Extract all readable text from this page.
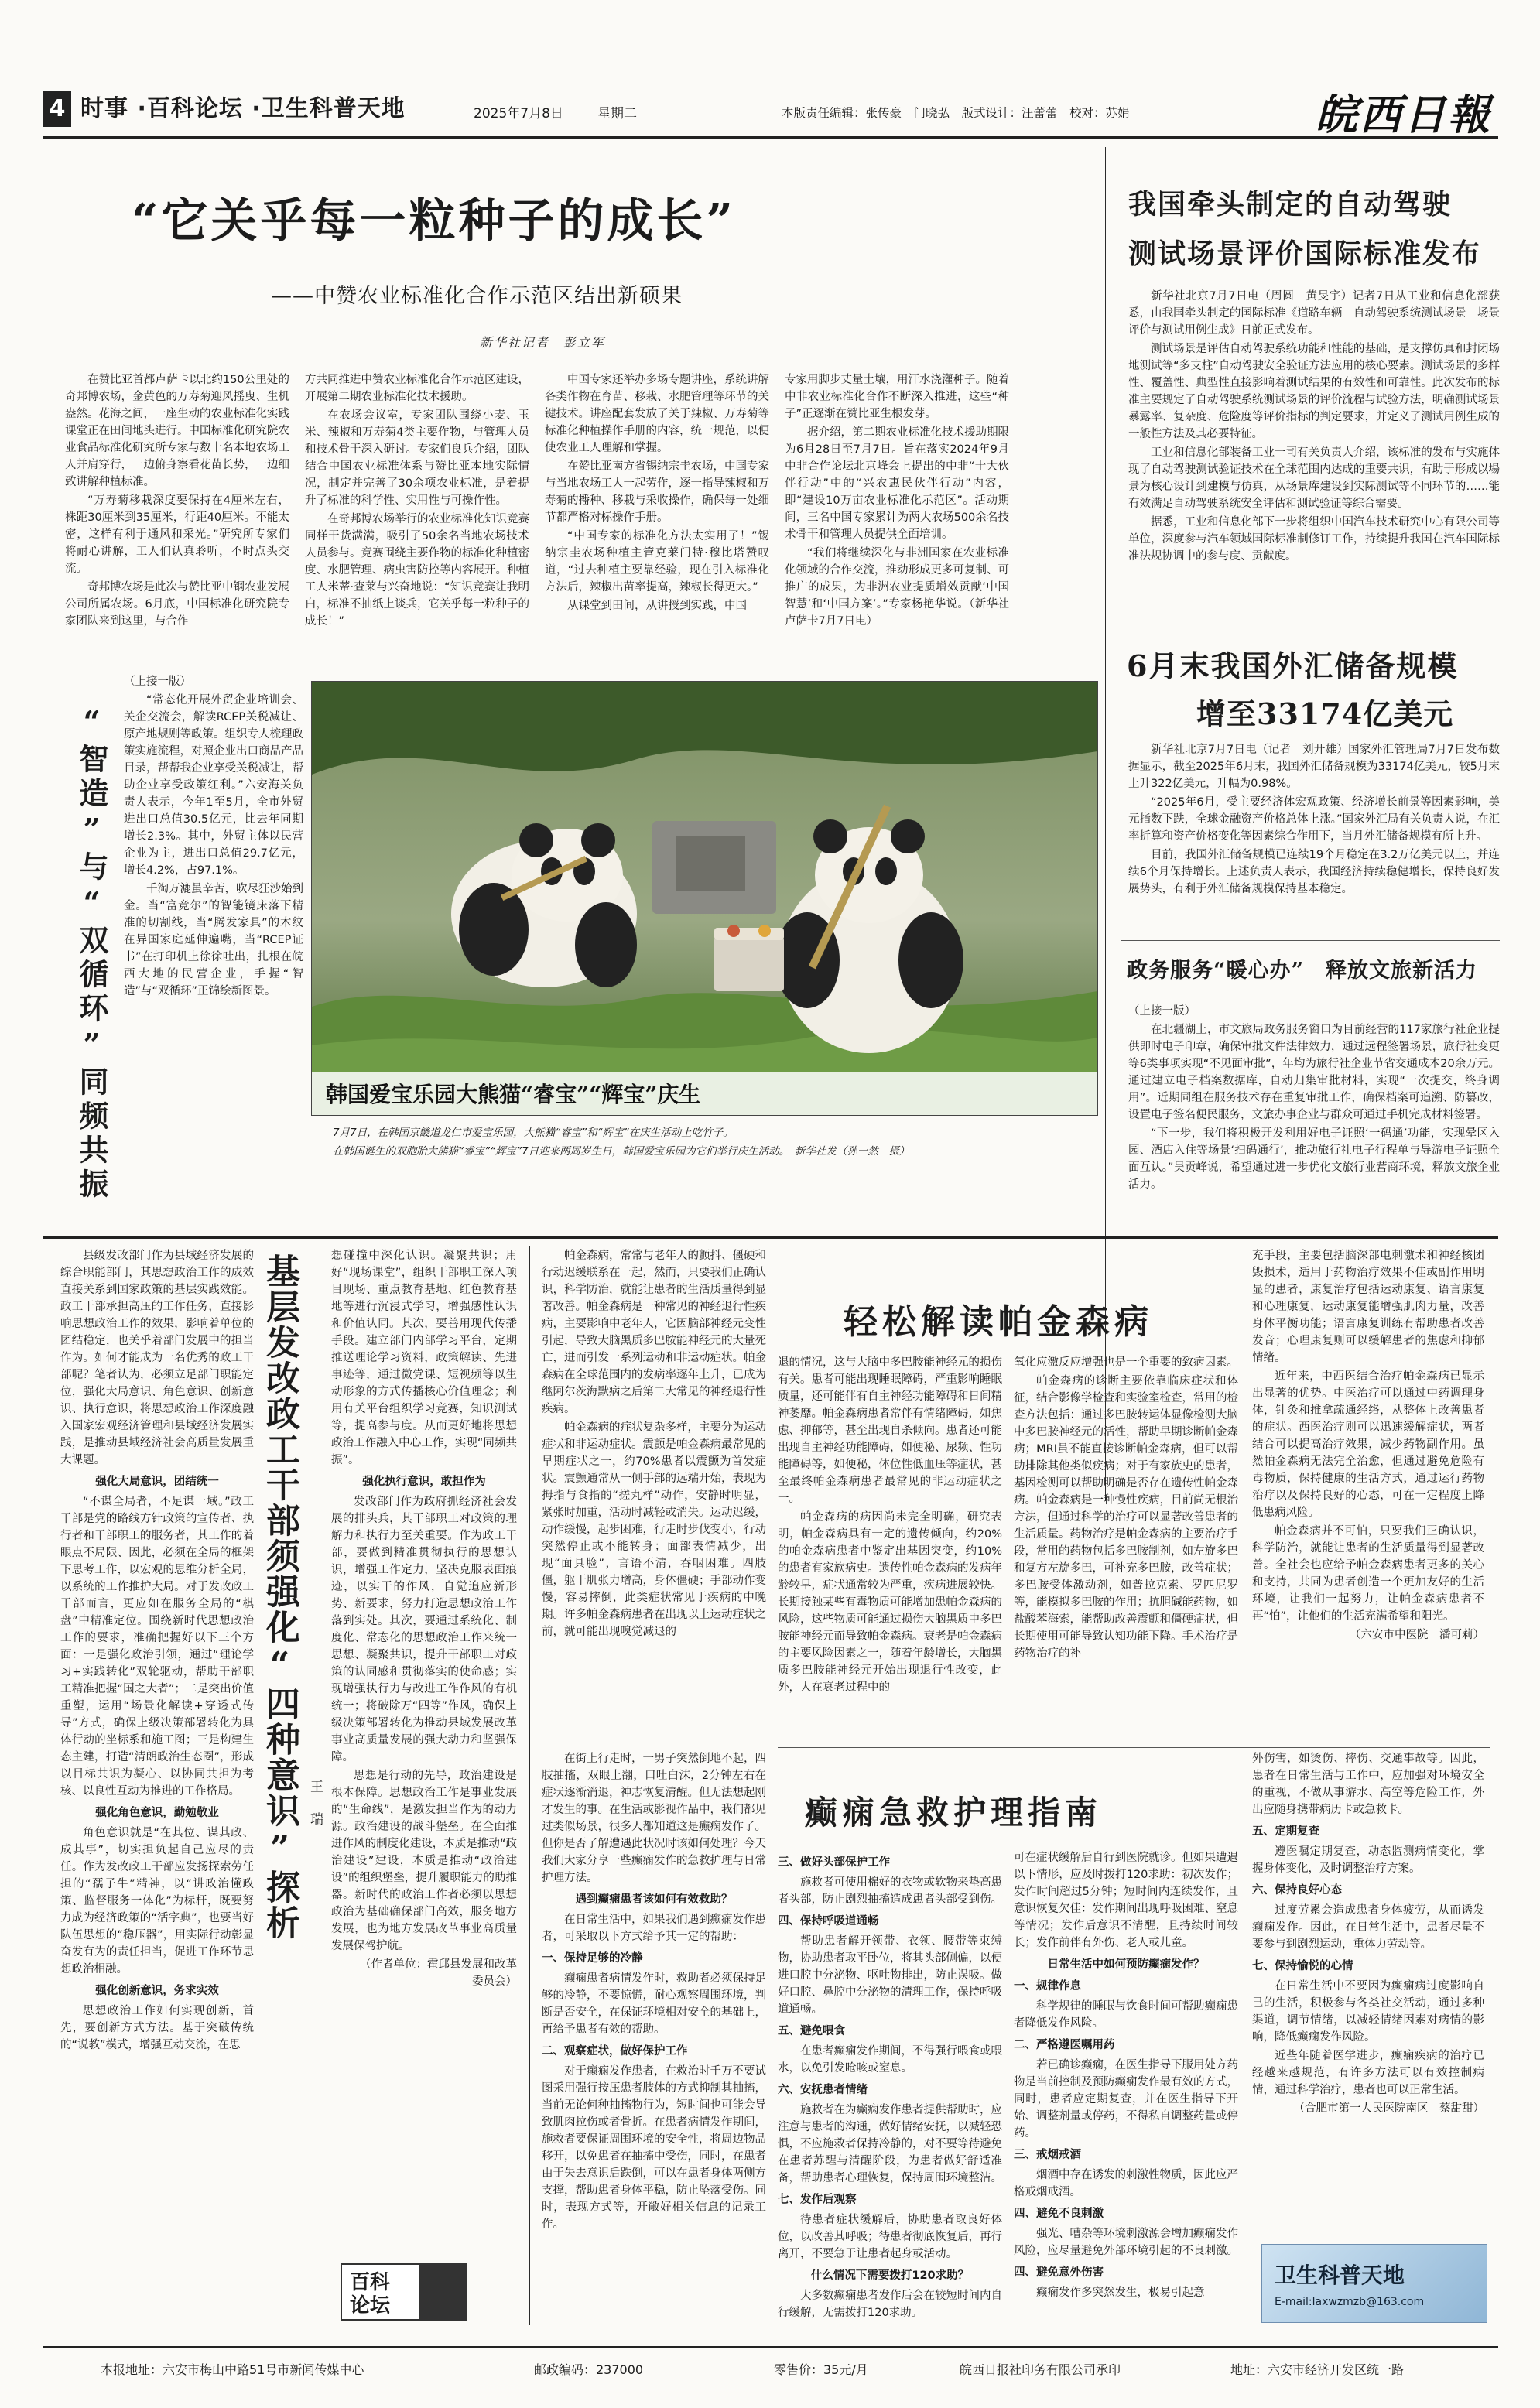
4 时事 ·百科论坛 ·卫生科普天地	2025年7月8日	星期二	本版责任编辑：张传豪　门晓弘　版式设计：汪蕾蕾　校对：苏娟	皖西日報
“它关乎每一粒种子的成长”
——中赞农业标准化合作示范区结出新硕果
新华社记者　彭立军

在赞比亚首都卢萨卡以北约150公里处的奇邦博农场，金黄色的万寿菊迎风摇曳、生机盎然。花海之间，一座生动的农业标准化实践课堂正在田间地头进行。中国标准化研究院农业食品标准化研究所专家与数十名本地农场工人并肩穿行，一边俯身察看花苗长势，一边细致讲解种植标准。

“万寿菊移栽深度要保持在4厘米左右，株距30厘米到35厘米，行距40厘米。不能太密，这样有利于通风和采光。”研究所专家们将耐心讲解，工人们认真聆听，不时点头交流。

奇邦博农场是此次与赞比亚中钢农业发展公司所属农场。6月底，中国标准化研究院专家团队来到这里，与合作

方共同推进中赞农业标准化合作示范区建设，开展第二期农业标准化技术援助。

在农场会议室，专家团队围绕小麦、玉米、辣椒和万寿菊4类主要作物，与管理人员和技术骨干深入研讨。专家们良兵介绍，团队结合中国农业标准体系与赞比亚本地实际情况，制定并完善了30余项农业标准，是着提升了标准的科学性、实用性与可操作性。

在奇邦博农场举行的农业标准化知识竞赛同样干货满满，吸引了50余名当地农场技术人员参与。竞赛围绕主要作物的标准化种植密度、水肥管理、病虫害防控等内容展开。种植工人米蒂·查莱与兴奋地说：“知识竞赛让我明白，标准不抽纸上谈兵，它关乎每一粒种子的成长！”

中国专家还举办多场专题讲座，系统讲解各类作物在育苗、移栽、水肥管理等环节的关键技术。讲座配套发放了关于辣椒、万寿菊等标准化种植操作手册的内容，统一规范，以便使农业工人理解和掌握。

在赞比亚南方省锡纳宗圭农场，中国专家与当地农场工人一起劳作，逐一指导辣椒和万寿菊的播种、移栽与采收操作，确保每一处细节都严格对标操作手册。

“中国专家的标准化方法太实用了！”锡纳宗圭农场种植主管克莱门特·穆比塔赞叹道，“过去种植主要靠经验，现在引入标准化方法后，辣椒出苗率提高，辣椒长得更大。”

从课堂到田间，从讲授到实践，中国

专家用脚步丈量土壤，用汗水浇灌种子。随着中非农业标准化合作不断深入推进，这些“种子”正逐渐在赞比亚生根发芽。

据介绍，第二期农业标准化技术援助期限为6月28日至7月7日。旨在落实2024年9月中非合作论坛北京峰会上提出的中非“十大伙伴行动”中的“兴农惠民伙伴行动”内容，即“建设10万亩农业标准化示范区”。活动期间，三名中国专家累计为两大农场500余名技术骨干和管理人员提供全面培训。

“我们将继续深化与非洲国家在农业标准化领域的合作交流，推动形成更多可复制、可推广的成果，为非洲农业提质增效贡献‘中国智慧’和‘中国方案’。”专家杨艳华说。（新华社卢萨卡7月7日电）

我国牵头制定的自动驾驶
测试场景评价国际标准发布

新华社北京7月7日电（周圆　黄旻宇）记者7日从工业和信息化部获悉，由我国牵头制定的国际标准《道路车辆　自动驾驶系统测试场景　场景评价与测试用例生成》日前正式发布。

测试场景是评估自动驾驶系统功能和性能的基础，是支撑仿真和封闭场地测试等“多支柱”自动驾驶安全验证方法应用的核心要素。测试场景的多样性、覆盖性、典型性直接影响着测试结果的有效性和可靠性。此次发布的标准主要规定了自动驾驶系统测试场景的评价流程与试验方法，明确测试场景暴露率、复杂度、危险度等评价指标的判定要求，并定义了测试用例生成的一般性方法及其必要特征。

工业和信息化部装备工业一司有关负责人介绍，该标准的发布与实施体现了自动驾驶测试验证技术在全球范围内达成的重要共识，有助于形成以場景为核心设计到建模与仿真，从场景库建设到实际测试等不同环节的……能有效满足自动驾驶系统安全评估和测试验证等综合需要。

据悉，工业和信息化部下一步将组织中国汽车技术研究中心有限公司等单位，深度参与汽车领域国际标准制修订工作，持续提升我国在汽车国际标准法规协调中的参与度、贡献度。

6月末我国外汇储备规模
增至33174亿美元

新华社北京7月7日电（记者　刘开雄）国家外汇管理局7月7日发布数据显示，截至2025年6月末，我国外汇储备规模为33174亿美元，较5月末上升322亿美元，升幅为0.98%。

“2025年6月，受主要经济体宏观政策、经济增长前景等因素影响，美元指数下跌，全球金融资产价格总体上涨。”国家外汇局有关负责人说，在汇率折算和资产价格变化等因素综合作用下，当月外汇储备规模有所上升。

目前，我国外汇储备规模已连续19个月稳定在3.2万亿美元以上，并连续6个月保持增长。上述负责人表示，我国经济持续稳健增长，保持良好发展势头，有利于外汇储备规模保持基本稳定。

政务服务“暖心办”　释放文旅新活力

（上接一版）

在北疆湖上，市文旅局政务服务窗口为目前经营的117家旅行社企业提供即时电子印章，确保审批文件法律效力，通过远程签署场景，旅行社变更等6类事项实现“不见面审批”，年均为旅行社企业节省交通成本20余万元。通过建立电子档案数据库，自动归集审批材料，实现“一次提交，终身调用”。近期同组在服务技术存在重复审批工作，确保档案可追溯、防篡改，设置电子签名便民服务，文旅办事企业与群众可通过手机完成材料签署。

“下一步，我们将积极开发利用好电子证照‘一码通’功能，实现晕区入园、酒店入住等场景‘扫码通行’，推动旅行社电子行程单与导游电子证照全面互认。”吴贡峰说，希望通过进一步优化文旅行业营商环境，释放文旅企业活力。

“智造”与“双循环”同频共振

（上接一版）

“常态化开展外贸企业培训会、关企交流会，解读RCEP关税减让、原产地规则等政策。组织专人梳理政策实施流程，对照企业出口商品产品目录，帮帮我企业享受关税减让，帮助企业享受政策红利。”六安海关负责人表示，今年1至5月，全市外贸进出口总值30.5亿元，比去年同期增长2.3%。其中，外贸主体以民营企业为主，进出口总值29.7亿元，增长4.2%，占97.1%。

千淘万漉虽辛苦，吹尽狂沙始到金。当“富竞尔”的智能镜床落下精准的切割线，当“腾发家具”的木纹在异国家庭延伸遍嘴，当“RCEP证书”在打印机上徐徐吐出，扎根在皖西大地的民营企业，手握“智造”与“双循环”正锦绘新图景。

韩国爱宝乐园大熊猫“睿宝”“辉宝”庆生
7月7日，在韩国京畿道龙仁市爱宝乐园，大熊猫“睿宝”和“辉宝”在庆生活动上吃竹子。
在韩国诞生的双胞胎大熊猫“睿宝”“辉宝”7日迎来两周岁生日，韩国爱宝乐园为它们举行庆生活动。　新华社发（孙一然　摄）

县级发改部门作为县域经济发展的综合职能部门，其思想政治工作的成效直接关系到国家政策的基层实践效能。政工干部承担高压的工作任务，直接影响思想政治工作的效果，影响着单位的团结稳定，也关乎着部门发展中的担当作为。如何才能成为一名优秀的政工干部呢？笔者认为，必须立足部门职能定位，强化大局意识、角色意识、创新意识、执行意识，将思想政治工作深度融入国家宏观经济管理和县域经济发展实践，是推动县域经济社会高质量发展重大课题。

强化大局意识，团结统一

“不谋全局者，不足谋一域。”政工干部是党的路线方针政策的宣传者、执行者和干部职工的服务者，其工作的着眼点不局限、因此，必须在全局的框架下思考工作，以宏观的思维分析全局，以系统的工作推护大局。对于发改政工干部而言，更应如在服务全局的“棋盘”中精准定位。围绕新时代思想政治工作的要求，准确把握好以下三个方面：一是强化政治引领，通过“理论学习+实践转化”双轮驱动，帮助干部职工精准把握“国之大者”；二是突出价值重塑，运用“场景化解读+穿透式传导”方式，确保上级决策部署转化为具体行动的坐标系和施工图；三是构建生态主建，打造“清朗政治生态圈”，形成以目标共识为凝心、以协同共担为考核、以良性互动为推进的工作格局。

强化角色意识，勤勉敬业

角色意识就是“在其位、谋其政、成其事”，切实担负起自己应尽的责任。作为发改政工干部应发扬探索劳任担的“孺子牛”精神，以“讲政治懂政策、监督服务一体化”为标杆，既要努力成为经济政策的“活字典”，也要当好队伍思想的“稳压器”，用实际行动彰显奋发有为的责任担当，促进工作环节思想政治相融。

强化创新意识，务求实效

思想政治工作如何实现创新，首先，要创新方式方法。基于突破传统的“说教”模式，增强互动交流，在思

基层发改政工干部须强化“四种意识”探析 王　瑞

想碰撞中深化认识。凝聚共识；用好“现场课堂”，组织干部职工深入项目现场、重点教育基地、红色教育基地等进行沉浸式学习，增强感性认识和价值认同。其次，要善用现代传播手段。建立部门内部学习平台，定期推送理论学习资料，政策解读、先进事迹等，通过微党课、短视频等以生动形象的方式传播核心价值理念；利用有关平台组织学习竞赛，知识测试等，提高参与度。从而更好地将思想政治工作融入中心工作，实现“同频共振”。

强化执行意识，敢担作为

发改部门作为政府抓经济社会发展的排头兵，其干部职工对政策的理解力和执行力至关重要。作为政工干部，要做到精准贯彻执行的思想认识，增强工作定力，坚决克服表面痕迹，以实干的作风，自觉追应新形势、新要求，努力打造思想政治工作落到实处。其次，要通过系统化、制度化、常态化的思想政治工作来统一思想、凝聚共识，提升干部职工对政策的认同感和贯彻落实的使命感；实现增强执行力与改进工作作风的有机统一；将破除万“四等”作风，确保上级决策部署转化为推动县域发展改革事业高质量发展的强大动力和坚强保障。

思想是行动的先导，政治建设是根本保障。思想政治工作是事业发展的“生命线”，是激发担当作为的动力源。政治建设的战斗堡垒。在全面推进作风的制度化建设，本质是推动“政治建设”建设，本质是推动“政治建设”的组织堡垒，提升履职能力的助推器。新时代的政治工作者必须以思想政治为基础确保部门高效，服务地方发展，也为地方发展改革事业高质量发展保驾护航。

（作者单位：霍邱县发展和改革委员会）

百科论坛
轻松解读帕金森病

帕金森病，常常与老年人的颤抖、僵硬和行动迟缓联系在一起，然而，只要我们正确认识，科学防治，就能让患者的生活质量得到显著改善。帕金森病是一种常见的神经退行性疾病，主要影响中老年人，它因脑部神经元变性引起，导致大脑黑质多巴胺能神经元的大量死亡，进而引发一系列运动和非运动症状。帕金森病在全球范围内的发病率逐年上升，已成为继阿尔茨海默病之后第二大常见的神经退行性疾病。

帕金森病的症状复杂多样，主要分为运动症状和非运动症状。震颤是帕金森病最常见的早期症状之一，约70%患者以震颤为首发症状。震颤通常从一侧手部的远端开始，表现为拇指与食指的“搓丸样”动作，安静时明显，紧张时加重，活动时减轻或消失。运动迟缓，动作缓慢，起步困难，行走时步伐变小，行动突然停止或不能转身；面部表情减少，出现“面具脸”，言语不清，吞咽困难。四肢僵，躯干肌张力增高，身体僵硬；手部动作变慢，容易摔倒，此类症状常见于疾病的中晚期。许多帕金森病患者在出现以上运动症状之前，就可能出现嗅觉减退的

退的情况，这与大脑中多巴胺能神经元的损伤有关。患者可能出现睡眠障碍，严重影响睡眠质量，还可能伴有自主神经功能障碍和日间精神萎靡。帕金森病患者常伴有情绪障碍，如焦虑、抑郁等，甚至出现自杀倾向。患者还可能出现自主神经功能障碍，如便秘、尿频、性功能障碍等，如便秘，体位性低血压等症状，甚至最终帕金森病患者最常见的非运动症状之一。

帕金森病的病因尚未完全明确，研究表明，帕金森病具有一定的遗传倾向，约20%的帕金森病患者中鉴定出基因突变，约10%的患者有家族病史。遗传性帕金森病的发病年龄较早，症状通常较为严重，疾病进展较快。长期接触某些有毒物质可能增加患帕金森病的风险，这些物质可能通过损伤大脑黑质中多巴胺能神经元而导致帕金森病。衰老是帕金森病的主要风险因素之一，随着年龄增长，大脑黑质多巴胺能神经元开始出现退行性改变，此外，人在衰老过程中的

氧化应激反应增强也是一个重要的致病因素。

帕金森病的诊断主要依靠临床症状和体征，结合影像学检查和实验室检查，常用的检查方法包括：通过多巴胺转运体显像检测大脑中多巴胺神经元的活性，帮助早期诊断帕金森病；MRI虽不能直接诊断帕金森病，但可以帮助排除其他类似疾病；对于有家族史的患者，基因检测可以帮助明确是否存在遗传性帕金森病。帕金森病是一种慢性疾病，目前尚无根治方法，但通过科学的治疗可以显著改善患者的生活质量。药物治疗是帕金森病的主要治疗手段，常用的药物包括多巴胺制剂，如左旋多巴和复方左旋多巴，可补充多巴胺，改善症状；多巴胺受体激动剂，如普拉克索、罗匹尼罗等，能模拟多巴胺的作用；抗胆碱能药物，如盐酸苯海索，能帮助改善震颤和僵硬症状，但长期使用可能导致认知功能下降。手术治疗是药物治疗的补

充手段，主要包括脑深部电刺激术和神经核团毁损术，适用于药物治疗效果不佳或副作用明显的患者，康复治疗包括运动康复、语言康复和心理康复，运动康复能增强肌肉力量，改善身体平衡功能；语言康复训练有帮助患者改善发音；心理康复则可以缓解患者的焦虑和抑郁情绪。

近年来，中西医结合治疗帕金森病已显示出显著的优势。中医治疗可以通过中药调理身体，针灸和推拿疏通经络，从整体上改善患者的症状。西医治疗则可以迅速缓解症状，两者结合可以提高治疗效果，减少药物副作用。虽然帕金森病无法完全治愈，但通过避免危险有毒物质，保持健康的生活方式，通过运行药物治疗以及保持良好的心态，可在一定程度上降低患病风险。

帕金森病并不可怕，只要我们正确认识，科学防治，就能让患者的生活质量得到显著改善。全社会也应给予帕金森病患者更多的关心和支持，共同为患者创造一个更加友好的生活环境，让我们一起努力，让帕金森病患者不再“怕”，让他们的生活充满希望和阳光。

（六安市中医院　潘可莉）

癫痫急救护理指南

在街上行走时，一男子突然倒地不起，四肢抽搐，双眼上翻，口吐白沫，2分钟左右在症状逐渐消退，神志恢复清醒。但无法想起刚才发生的事。在生活或影视作品中，我们都见过类似场景，很多人都知道这是癫痫发作了。但你是否了解遭遇此状况时该如何处理？今天我们大家分享一些癫痫发作的急救护理与日常护理方法。

遇到癫痫患者该如何有效救助？

在日常生活中，如果我们遇到癫痫发作患者，可采取以下方式给予其一定的帮助：

一、保持足够的冷静

癫痫患者病情发作时，救助者必须保持足够的冷静，不要惊慌，耐心观察周围环境，判断是否安全，在保证环境相对安全的基础上，再给予患者有效的帮助。

二、观察症状，做好保护工作

对于癫痫发作患者，在救治时千万不要试图采用强行按压患者肢体的方式抑制其抽搐，当前无论何种抽搐物行为，短时间也可能会导致肌肉拉伤或者骨折。在患者病情发作期间，施救者要保证周围环境的安全性，将周边物品移开，以免患者在抽搐中受伤，同时，在患者由于失去意识后跌倒，可以在患者身体两侧方支撑，帮助患者身体平稳，防止坠落受伤。同时，表现方式等，开敞好相关信息的记录工作。

三、做好头部保护工作

施救者可使用棉好的衣物或软物来垫高患者头部，防止剧烈抽搐造成患者头部受到伤。

四、保持呼吸道通畅

帮助患者解开领带、衣领、腰带等束缚物，协助患者取平卧位，将其头部侧偏，以便进口腔中分泌物、呕吐物排出，防止误吸。做好口腔、鼻腔中分泌物的清理工作，保持呼吸道通畅。

五、避免喂食

在患者癫痫发作期间，不得强行喂食或喂水，以免引发呛咳或窒息。

六、安抚患者情绪

施救者在为癫痫发作患者提供帮助时，应注意与患者的沟通，做好情绪安抚，以减轻恐惧，不应施救者保持冷静的，对不要等待避免在患者苏醒与清醒阶段，为患者做好舒适准备，帮助患者心理恢复，保持周围环境整洁。

七、发作后观察

待患者症状缓解后，协助患者取良好体位，以改善其呼吸；待患者彻底恢复后，再行离开，不要急于让患者起身或活动。

什么情况下需要拨打120求助？

大多数癫痫患者发作后会在较短时间内自行缓解，无需拨打120求助。

可在症状缓解后自行到医院就诊。但如果遭遇以下情形，应及时拨打120求助：初次发作；发作时间超过5分钟；短时间内连续发作，且意识恢复欠佳：发作期间出现呼吸困难、窒息等情况；发作后意识不清醒，且持续时间较长；发作前伴有外伤、老人或儿童。

日常生活中如何预防癫痫发作？

一、规律作息

科学规律的睡眠与饮食时间可帮助癫痫患者降低发作风险。

二、严格遵医嘱用药

若已确诊癫痫，在医生指导下服用处方药物是当前控制及预防癫痫发作最有效的方式，同时，患者应定期复查，并在医生指导下开始、调整剂量或停药，不得私自调整药量或停药。

三、戒烟戒酒

烟酒中存在诱发的刺激性物质，因此应严格戒烟戒酒。

四、避免不良刺激

强光、嘈杂等环境刺激源会增加癫痫发作风险，应尽量避免外部环境引起的不良刺激。

四、避免意外伤害

癫痫发作多突然发生，极易引起意

外伤害，如烫伤、摔伤、交通事故等。因此，患者在日常生活与工作中，应加强对环境安全的重视，不做从事游水、高空等危险工作，外出应随身携带病历卡或急救卡。

五、定期复查

遵医嘱定期复查，动态监测病情变化，掌握身体变化，及时调整治疗方案。

六、保持良好心态

过度劳累会造成患者身体疲劳，从而诱发癫痫发作。因此，在日常生活中，患者尽量不要参与到剧烈运动，重体力劳动等。

七、保持愉悦的心情

在日常生活中不要因为癫痫病过度影响自己的生活，积极参与各类社交活动，通过多种渠道，调节情绪，以减轻情绪因素对病情的影响，降低癫痫发作风险。

近些年随着医学进步，癫痫疾病的治疗已经越来越规范，有许多方法可以有效控制病情，通过科学治疗，患者也可以正常生活。

（合肥市第一人民医院南区　蔡甜甜）

卫生科普天地
E-mail:laxwzmzb@163.com
本报地址：六安市梅山中路51号市新闻传媒中心	邮政编码：237000	零售价：35元/月	皖西日报社印务有限公司承印	地址：六安市经济开发区统一路
